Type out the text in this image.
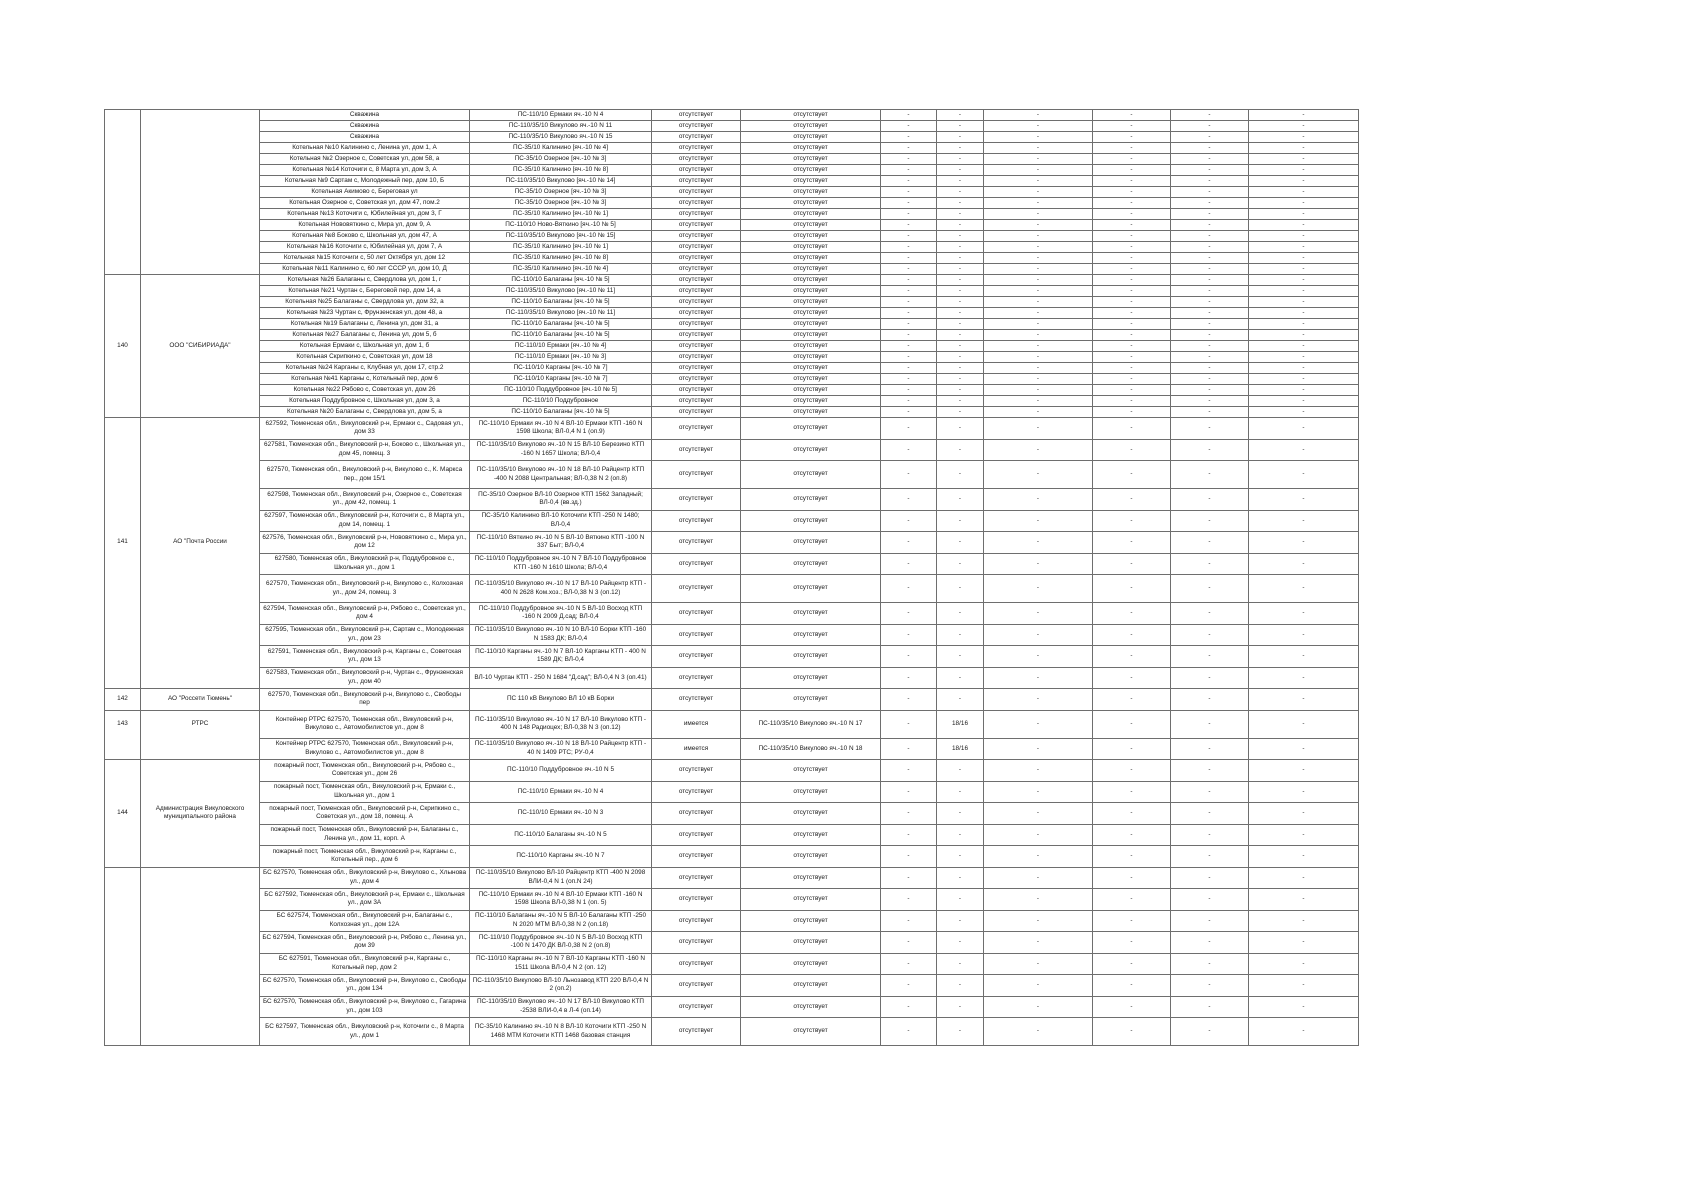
		Скважина	ПС-110/10 Ермаки яч.-10 N 4	отсутствует	отсутствует	-	-	-	-	-	-
		Скважина	ПС-110/35/10 Викулово яч.-10 N 11	отсутствует	отсутствует	-	-	-	-	-	-
		Скважина	ПС-110/35/10 Викулово яч.-10 N 15	отсутствует	отсутствует	-	-	-	-	-	-
		Котельная №10 Калинино с, Ленина ул, дом 1, А	ПС-35/10 Калинино [яч.-10 № 4]	отсутствует	отсутствует	-	-	-	-	-	-
		Котельная №2 Озерное с, Советская ул, дом 58, а	ПС-35/10 Озерное [яч.-10 № 3]	отсутствует	отсутствует	-	-	-	-	-	-
		Котельная №14 Коточиги с, 8 Марта ул, дом 3, А	ПС-35/10 Калинино [яч.-10 № 8]	отсутствует	отсутствует	-	-	-	-	-	-
		Котельная №9 Сартам с, Молодежный пер, дом 10, Б	ПС-110/35/10 Викулово [яч.-10 № 14]	отсутствует	отсутствует	-	-	-	-	-	-
		Котельная Акимово с, Береговая ул	ПС-35/10 Озерное [яч.-10 № 3]	отсутствует	отсутствует	-	-	-	-	-	-
		Котельная Озерное с, Советская ул, дом 47, пом.2	ПС-35/10 Озерное [яч.-10 № 3]	отсутствует	отсутствует	-	-	-	-	-	-
		Котельная №13 Коточиги с, Юбилейная ул, дом 3, Г	ПС-35/10 Калинино [яч.-10 № 1]	отсутствует	отсутствует	-	-	-	-	-	-
		Котельная Нововяткино с, Мира ул, дом 9, А	ПС-110/10 Ново-Вяткино [яч.-10 № 5]	отсутствует	отсутствует	-	-	-	-	-	-
		Котельная №8 Боково с, Школьная ул, дом 47, А	ПС-110/35/10 Викулово [яч.-10 № 15]	отсутствует	отсутствует	-	-	-	-	-	-
		Котельная №16 Коточиги с, Юбилейная ул, дом 7, А	ПС-35/10 Калинино [яч.-10 № 1]	отсутствует	отсутствует	-	-	-	-	-	-
		Котельная №15 Коточиги с, 50 лет Октября ул, дом 12	ПС-35/10 Калинино [яч.-10 № 8]	отсутствует	отсутствует	-	-	-	-	-	-
		Котельная №11 Калинино с, 60 лет СССР ул, дом 10, Д	ПС-35/10 Калинино [яч.-10 № 4]	отсутствует	отсутствует	-	-	-	-	-	-
		Котельная №26 Балаганы с, Свердлова ул, дом 1, г	ПС-110/10 Балаганы [яч.-10 № 5]	отсутствует	отсутствует	-	-	-	-	-	-
		Котельная №21 Чуртан с, Береговой пер, дом 14, а	ПС-110/35/10 Викулово [яч.-10 № 11]	отсутствует	отсутствует	-	-	-	-	-	-
		Котельная №25 Балаганы с, Свердлова ул, дом 32, а	ПС-110/10 Балаганы [яч.-10 № 5]	отсутствует	отсутствует	-	-	-	-	-	-
		Котельная №23 Чуртан с, Фрунзенская ул, дом 48, а	ПС-110/35/10 Викулово [яч.-10 № 11]	отсутствует	отсутствует	-	-	-	-	-	-
		Котельная №19 Балаганы с, Ленина ул, дом 31, а	ПС-110/10 Балаганы [яч.-10 № 5]	отсутствует	отсутствует	-	-	-	-	-	-
		Котельная №27 Балаганы с, Ленина ул, дом 5, б	ПС-110/10 Балаганы [яч.-10 № 5]	отсутствует	отсутствует	-	-	-	-	-	-
140	ООО "СИБИРИАДА"	Котельная Ермаки с, Школьная ул, дом 1, б	ПС-110/10 Ермаки [яч.-10 № 4]	отсутствует	отсутствует	-	-	-	-	-	-
		Котельная Скрипкино с, Советская ул, дом 18	ПС-110/10 Ермаки [яч.-10 № 3]	отсутствует	отсутствует	-	-	-	-	-	-
		Котельная №24 Карганы с, Клубная ул, дом 17, стр.2	ПС-110/10 Карганы [яч.-10 № 7]	отсутствует	отсутствует	-	-	-	-	-	-
		Котельная №41 Карганы с, Котельный пер, дом 6	ПС-110/10 Карганы [яч.-10 № 7]	отсутствует	отсутствует	-	-	-	-	-	-
		Котельная №22 Рябово с, Советская ул, дом 26	ПС-110/10 Поддубровное [яч.-10 № 5]	отсутствует	отсутствует	-	-	-	-	-	-
		Котельная Поддубровное с, Школьная ул, дом 3, а	ПС-110/10 Поддубровное	отсутствует	отсутствует	-	-	-	-	-	-
		Котельная №20 Балаганы с, Свердлова ул, дом 5, а	ПС-110/10 Балаганы [яч.-10 № 5]	отсутствует	отсутствует	-	-	-	-	-	-
		627592, Тюменская обл., Викуловский р-н, Ермаки с., Садовая ул., дом 33	ПС-110/10 Ермаки яч.-10 N 4 ВЛ-10 Ермаки КТП -160 N 1598 Школа; ВЛ-0,4 N 1 (оп.9)	отсутствует	отсутствует	-	-	-	-	-	-
		627581, Тюменская обл., Викуловский р-н, Боково с., Школьная ул., дом 45, помещ. 3	ПС-110/35/10 Викулово яч.-10 N 15 ВЛ-10 Березино КТП -160 N 1657 Школа; ВЛ-0,4	отсутствует	отсутствует	-	-	-	-	-	-
		627570, Тюменская обл., Викуловский р-н, Викулово с., К. Маркса пер., дом 15/1	ПС-110/35/10 Викулово яч.-10 N 18 ВЛ-10 Райцентр КТП -400 N 2088 Центральная; ВЛ-0,38 N 2 (оп.8)	отсутствует	отсутствует	-	-	-	-	-	-
		627598, Тюменская обл., Викуловский р-н, Озерное с., Советская ул., дом 42, помещ. 1	ПС-35/10 Озерное ВЛ-10 Озерное КТП 1562 Западный; ВЛ-0,4 (вв.зд.)	отсутствует	отсутствует	-	-	-	-	-	-
		627597, Тюменская обл., Викуловский р-н, Коточиги с., 8 Марта ул., дом 14, помещ. 1	ПС-35/10 Калинино ВЛ-10 Коточиги КТП -250 N 1480; ВЛ-0,4	отсутствует	отсутствует	-	-	-	-	-	-
141	АО "Почта России	627576, Тюменская обл., Викуловский р-н, Нововяткино с., Мира ул., дом 12	ПС-110/10 Вяткино яч.-10 N 5 ВЛ-10 Вяткино КТП -100 N 337 Быт; ВЛ-0,4	отсутствует	отсутствует	-	-	-	-	-	-
		627580, Тюменская обл., Викуловский р-н, Поддубровное с., Школьная ул., дом 1	ПС-110/10 Поддубровное яч.-10 N 7 ВЛ-10 Поддубровное КТП -160 N 1610 Школа; ВЛ-0,4	отсутствует	отсутствует	-	-	-	-	-	-
		627570, Тюменская обл., Викуловский р-н, Викулово с., Колхозная ул., дом 24, помещ. 3	ПС-110/35/10 Викулово яч.-10 N 17 ВЛ-10 Райцентр КТП - 400 N 2628 Ком.хоз.; ВЛ-0,38 N 3 (оп.12)	отсутствует	отсутствует	-	-	-	-	-	-
		627594, Тюменская обл., Викуловский р-н, Рябово с., Советская ул., дом 4	ПС-110/10 Поддубровное яч.-10 N 5 ВЛ-10 Восход КТП -160 N 2009 Д.сад; ВЛ-0,4	отсутствует	отсутствует	-	-	-	-	-	-
		627595, Тюменская обл., Викуловский р-н, Сартам с., Молодежная ул., дом 23	ПС-110/35/10 Викулово яч.-10 N 10 ВЛ-10 Борки КТП -160 N 1583 ДК; ВЛ-0,4	отсутствует	отсутствует	-	-	-	-	-	-
		627591, Тюменская обл., Викуловский р-н, Карганы с., Советская ул., дом 13	ПС-110/10 Карганы яч.-10 N 7 ВЛ-10 Карганы КТП - 400 N 1589 ДК; ВЛ-0,4	отсутствует	отсутствует	-	-	-	-	-	-
		627583, Тюменская обл., Викуловский р-н, Чуртан с., Фрунзенская ул., дом 40	ВЛ-10 Чуртан КТП - 250 N 1684 "Д.сад"; ВЛ-0,4 N 3 (оп.41)	отсутствует	отсутствует	-	-	-	-	-	-
142	АО "Россети Тюмень"	627570, Тюменская обл., Викуловский р-н, Викулово с., Свободы пер	ПС 110 кВ Викулово ВЛ 10 кВ Борки	отсутствует	отсутствует	-	-	-	-	-	-
143	РТРС	Контейнер РТРС 627570, Тюменская обл., Викуловский р-н, Викулово с., Автомобилистов ул., дом 8	ПС-110/35/10 Викулово яч.-10 N 17 ВЛ-10 Викулово КТП - 400 N 148 Радиоцех; ВЛ-0,38 N 3 (оп.12)	имеется	ПС-110/35/10 Викулово яч.-10 N 17	-	18/16	-	-	-	-
		Контейнер РТРС 627570, Тюменская обл., Викуловский р-н, Викулово с., Автомобилистов ул., дом 8	ПС-110/35/10 Викулово яч.-10 N 18 ВЛ-10 Райцентр КТП - 40 N 1409 РТС; РУ-0,4	имеется	ПС-110/35/10 Викулово яч.-10 N 18	-	18/16	-	-	-	-
		пожарный пост, Тюменская обл., Викуловский р-н, Рябово с., Советская ул., дом 26	ПС-110/10 Поддубровное яч.-10 N 5	отсутствует	отсутствует	-	-	-	-	-	-
		пожарный пост, Тюменская обл., Викуловский р-н, Ермаки с., Школьная ул., дом 1	ПС-110/10 Ермаки яч.-10 N 4	отсутствует	отсутствует	-	-	-	-	-	-
144	Администрация Викуловского муниципального района	пожарный пост, Тюменская обл., Викуловский р-н, Скрипкино с., Советская ул., дом 18, помещ. А	ПС-110/10 Ермаки яч.-10 N 3	отсутствует	отсутствует	-	-	-	-	-	-
		пожарный пост, Тюменская обл., Викуловский р-н, Балаганы с., Ленина ул., дом 11, корп. А	ПС-110/10 Балаганы яч.-10 N 5	отсутствует	отсутствует	-	-	-	-	-	-
		пожарный пост, Тюменская обл., Викуловский р-н, Карганы с., Котельный пер., дом 6	ПС-110/10 Карганы яч.-10 N 7	отсутствует	отсутствует	-	-	-	-	-	-
		БС 627570, Тюменская обл., Викуловский р-н, Викулово с., Хлынова ул., дом 4	ПС-110/35/10 Викулово ВЛ-10 Райцентр КТП -400 N 2098 ВЛИ-0,4 N 1 (оп.N 24)	отсутствует	отсутствует	-	-	-	-	-	-
		БС 627592, Тюменская обл., Викуловский р-н, Ермаки с., Школьная ул., дом 3А	ПС-110/10 Ермаки яч.-10 N 4 ВЛ-10 Ермаки КТП -160 N 1598 Школа ВЛ-0,38 N 1 (оп. 5)	отсутствует	отсутствует	-	-	-	-	-	-
		БС 627574, Тюменская обл., Викуловский р-н, Балаганы с., Колхозная ул., дом 12А	ПС-110/10 Балаганы яч.-10 N 5 ВЛ-10 Балаганы КТП -250 N 2020 МТМ ВЛ-0,38 N 2 (оп.18)	отсутствует	отсутствует	-	-	-	-	-	-
		БС 627594, Тюменская обл., Викуловский р-н, Рябово с., Ленина ул., дом 39	ПС-110/10 Поддубровное яч.-10 N 5 ВЛ-10 Восход КТП -100 N 1470 ДК ВЛ-0,38 N 2 (оп.8)	отсутствует	отсутствует	-	-	-	-	-	-
		БС 627591, Тюменская обл., Викуловский р-н, Карганы с., Котельный пер, дом 2	ПС-110/10 Карганы яч.-10 N 7 ВЛ-10 Карганы КТП -160 N 1511 Школа ВЛ-0,4 N 2 (оп. 12)	отсутствует	отсутствует	-	-	-	-	-	-
		БС 627570, Тюменская обл., Викуловский р-н, Викулово с., Свободы ул., дом 134	ПС-110/35/10 Викулово ВЛ-10 Льнозавод КТП 220 ВЛ-0,4 N 2 (оп.2)	отсутствует	отсутствует	-	-	-	-	-	-
		БС 627570, Тюменская обл., Викуловский р-н, Викулово с., Гагарина ул., дом 103	ПС-110/35/10 Викулово яч.-10 N 17 ВЛ-10 Викулово КТП -2538 ВЛИ-0,4 в Л-4 (оп.14)	отсутствует	отсутствует	-	-	-	-	-	-
		БС 627597, Тюменская обл., Викуловский р-н, Коточиги с., 8 Марта ул., дом 1	ПС-35/10 Калинино яч.-10 N 8 ВЛ-10 Коточиги КТП -250 N 1468 МТМ Коточиги КТП 1468 базовая станция	отсутствует	отсутствует	-	-	-	-	-	-
